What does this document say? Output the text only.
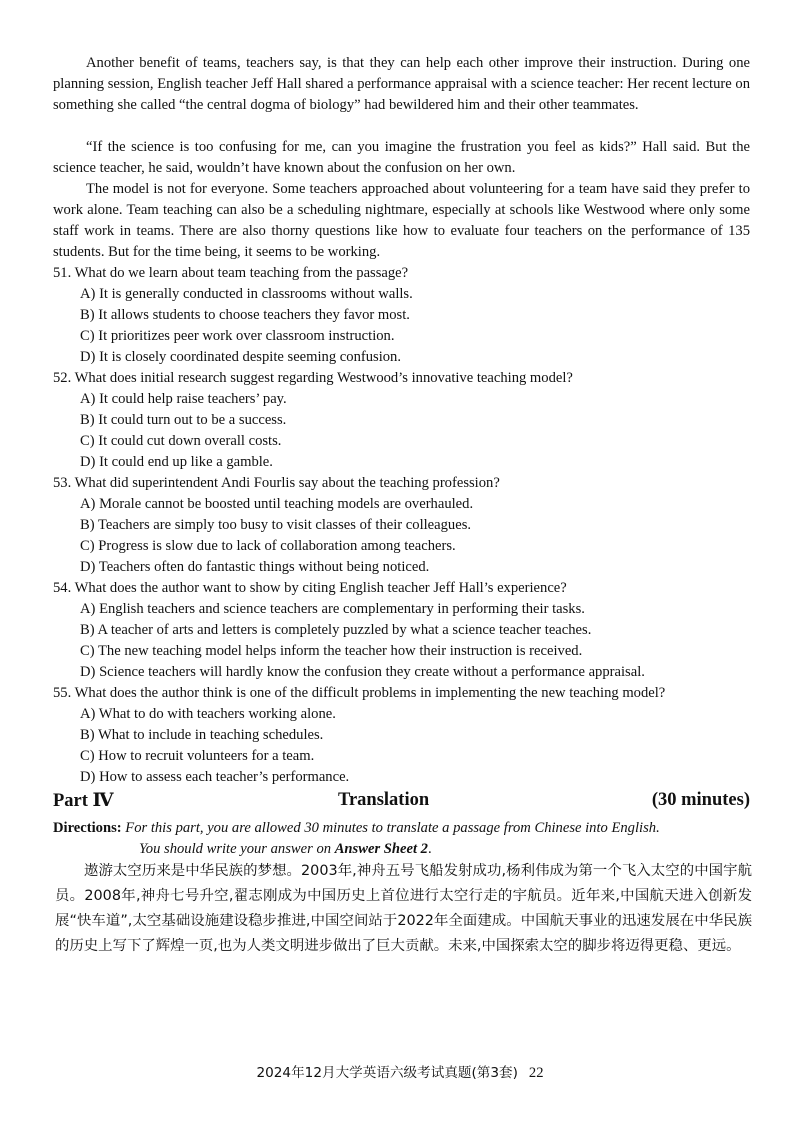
Another benefit of teams, teachers say, is that they can help each other improve their instruction. During one planning session, English teacher Jeff Hall shared a performance appraisal with a science teacher: Her recent lecture on something she called “the central dogma of biology” had bewildered him and their other teammates.

“If the science is too confusing for me, can you imagine the frustration you feel as kids?” Hall said. But the science teacher, he said, wouldn’t have known about the confusion on her own.

The model is not for everyone. Some teachers approached about volunteering for a team have said they prefer to work alone. Team teaching can also be a scheduling nightmare, especially at schools like Westwood where only some staff work in teams. There are also thorny questions like how to evaluate four teachers on the performance of 135 students. But for the time being, it seems to be working.

51. What do we learn about team teaching from the passage?
A) It is generally conducted in classrooms without walls.
B) It allows students to choose teachers they favor most.
C) It prioritizes peer work over classroom instruction.
D) It is closely coordinated despite seeming confusion.
52. What does initial research suggest regarding Westwood’s innovative teaching model?
A) It could help raise teachers’ pay.
B) It could turn out to be a success.
C) It could cut down overall costs.
D) It could end up like a gamble.
53. What did superintendent Andi Fourlis say about the teaching profession?
A) Morale cannot be boosted until teaching models are overhauled.
B) Teachers are simply too busy to visit classes of their colleagues.
C) Progress is slow due to lack of collaboration among teachers.
D) Teachers often do fantastic things without being noticed.
54. What does the author want to show by citing English teacher Jeff Hall’s experience?
A) English teachers and science teachers are complementary in performing their tasks.
B) A teacher of arts and letters is completely puzzled by what a science teacher teaches.
C) The new teaching model helps inform the teacher how their instruction is received.
D) Science teachers will hardly know the confusion they create without a performance appraisal.
55. What does the author think is one of the difficult problems in implementing the new teaching model?
A) What to do with teachers working alone.
B) What to include in teaching schedules.
C) How to recruit volunteers for a team.
D) How to assess each teacher’s performance.
Part Ⅳ	Translation	(30 minutes)
Directions: For this part, you are allowed 30 minutes to translate a passage from Chinese into English.
You should write your answer on Answer Sheet 2.

遨游太空历来是中华民族的梦想。2003年,神舟五号飞船发射成功,杨利伟成为第一个飞入太空的中国宇航员。2008年,神舟七号升空,翟志刚成为中国历史上首位进行太空行走的宇航员。近年来,中国航天进入创新发展“快车道”,太空基础设施建设稳步推进,中国空间站于2022年全面建成。中国航天事业的迅速发展在中华民族的历史上写下了辉煌一页,也为人类文明进步做出了巨大贡献。未来,中国探索太空的脚步将迈得更稳、更远。

2024年12月大学英语六级考试真题(第3套) 22
